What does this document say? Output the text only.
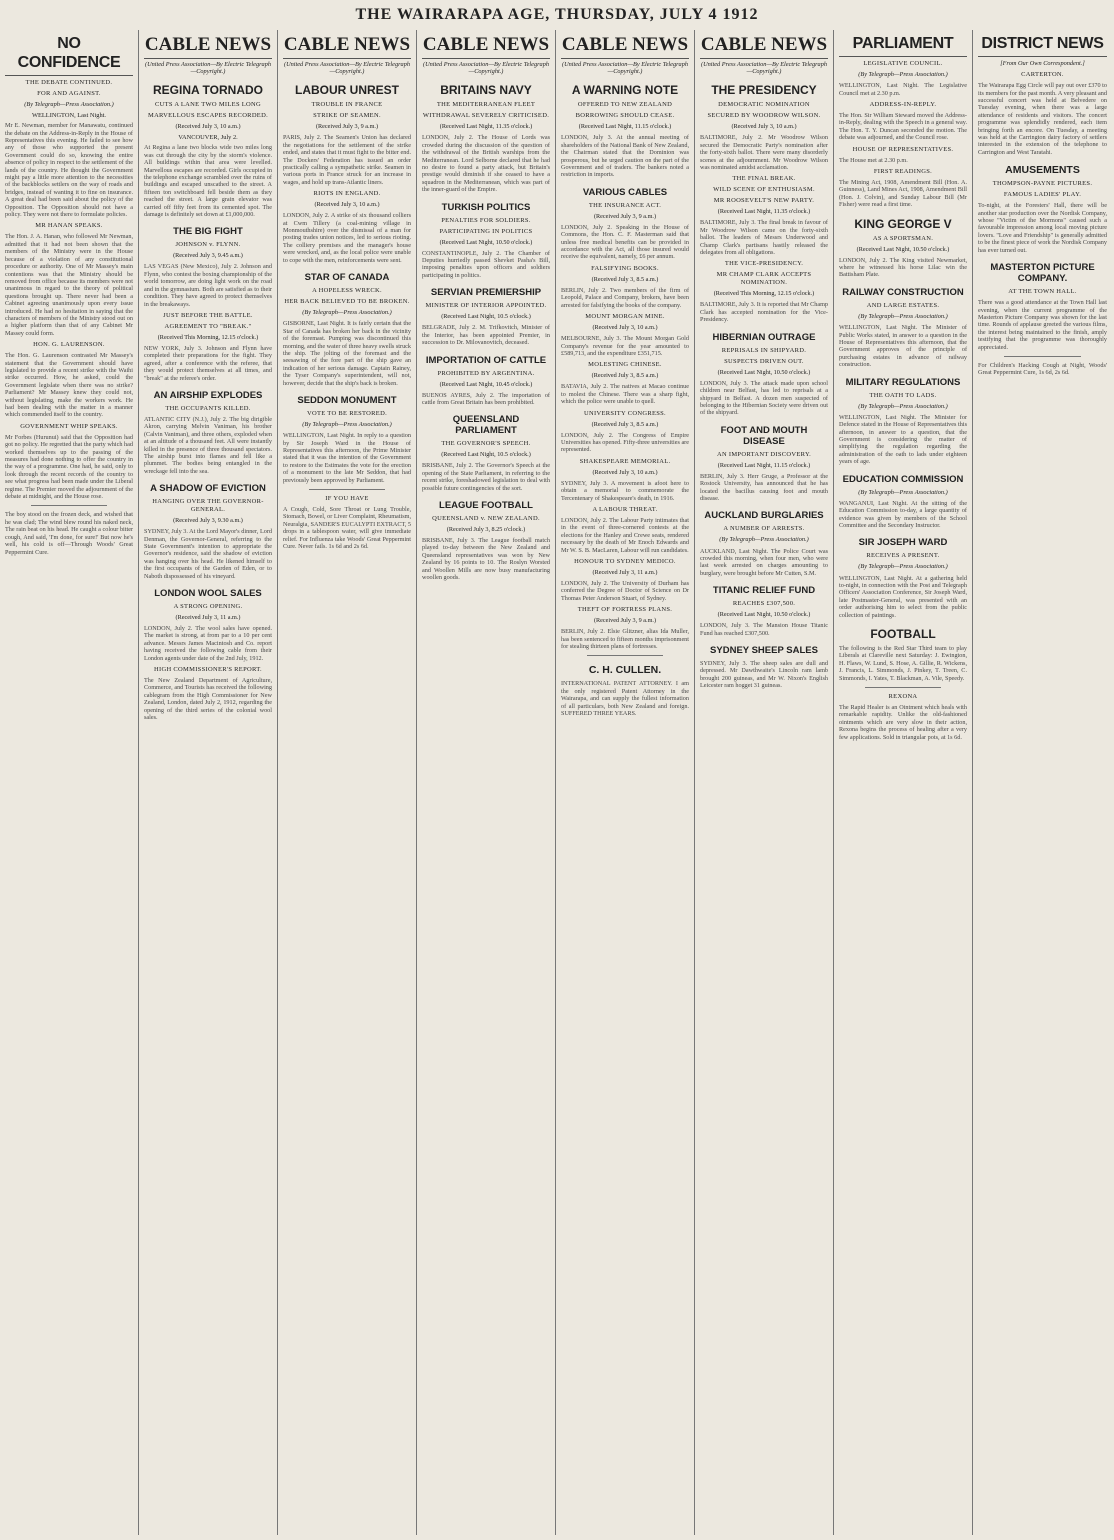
THE WAIRARAPA AGE, THURSDAY, JULY 4 1912
NO CONFIDENCE
THE DEBATE CONTINUED.
FOR AND AGAINST.
(By Telegraph—Press Association.)
WELLINGTON, Last Night.
Mr E. Newman, member for Manawatu, continued the debate on the Address-in-Reply in the House of Representatives this evening. He failed to see how any of those who supported the present Government could do so, knowing the entire absence of policy in respect to the settlement of the lands of the country. He thought the Government might pay a little more attention to the necessities of the backblocks settlers on the way of roads and bridges, instead of wanting it to fine on insurance. A great deal had been said about the policy of the Opposition. The Opposition should not have a policy. They were not there to formulate policies.
MR HANAN SPEAKS.
The Hon. J. A. Hanan, who followed Mr Newman, admitted that it had not been shown that the members of the Ministry were in the House because of a violation of any constitutional procedure or authority. One of Mr Massey's main contentions was that the Ministry should be removed from office because its members were not unanimous in regard to the theory of political questions brought up. There never had been a Cabinet agreeing unanimously upon every issue introduced. He had no hesitation in saying that the characters of members of the Ministry stood out on a higher platform than that of any Cabinet Mr Massey could form.
HON. G. LAURENSON.
The Hon. G. Laurenson contrasted Mr Massey's statement that the Government should have legislated to provide a recent strike with the Waihi strike occurred. How, he asked, could the Government legislate when there was no strike? Parliament? Mr Massey knew they could not, without legislating, make the workers work. He had been dealing with the matter in a manner which commended itself to the country.
GOVERNMENT WHIP SPEAKS.
Mr Forbes (Hurunui) said that the Opposition had got no policy. He regretted that the party which had worked themselves up to the passing of the measures had done nothing to offer the country in the way of a programme. One had, he said, only to look through the recent records of the country to see what progress had been made under the Liberal regime. The Premier moved the adjournment of the debate at midnight, and the House rose.
The boy stood on the frozen deck, and wished that he was clad; The wind blew round his naked neck, The rain beat on his head. He caught a colour bitter cough, And said, 'I'm done, for sure!' But now he's well, his cold is off—Through Woods' Great Peppermint Cure.
CABLE NEWS
(United Press Association—By Electric Telegraph—Copyright.)
REGINA TORNADO
CUTS A LANE TWO MILES LONG
MARVELLOUS ESCAPES RECORDED.
(Received July 3, 10 a.m.)
VANCOUVER, July 2.
At Regina a lane two blocks wide two miles long was cut through the city by the storm's violence. All buildings within that area were levelled. Marvellous escapes are recorded. Girls occupied in the telephone exchange scrambled over the ruins of buildings and escaped unscathed to the street. A fifteen ton switchboard fell beside them as they reached the street. A large grain elevator was carried off fifty feet from its cemented spot. The damage is definitely set down at £1,000,000.
THE BIG FIGHT
JOHNSON v. FLYNN.
(Received July 3, 9.45 a.m.)
LAS VEGAS (New Mexico), July 2. Johnson and Flynn, who contest the boxing championship of the world tomorrow, are doing light work on the road and in the gymnasium. Both are satisfied as to their condition. They have agreed to protect themselves in the breakaways.
JUST BEFORE THE BATTLE.
AGREEMENT TO "BREAK."
(Received This Morning, 12.15 o'clock.)
NEW YORK, July 3. Johnson and Flynn have completed their preparations for the fight. They agreed, after a conference with the referee, that they would protect themselves at all times, and "break" at the referee's order.
AN AIRSHIP EXPLODES
THE OCCUPANTS KILLED.
ATLANTIC CITY (N.J.), July 2. The big dirigible Akron, carrying Melvin Vaniman, his brother (Calvin Vaniman), and three others, exploded when at an altitude of a thousand feet. All were instantly killed in the presence of three thousand spectators. The airship burst into flames and fell like a plummet. The bodies being entangled in the wreckage fell into the sea.
A SHADOW OF EVICTION
HANGING OVER THE GOVERNOR-GENERAL.
(Received July 3, 9.30 a.m.)
SYDNEY, July 3. At the Lord Mayor's dinner, Lord Denman, the Governor-General, referring to the State Government's intention to appropriate the Governor's residence, said the shadow of eviction was hanging over his head. He likened himself to the first occupants of the Garden of Eden, or to Naboth dispossessed of his vineyard.
LONDON WOOL SALES
A STRONG OPENING.
(Received July 3, 11 a.m.)
LONDON, July 2. The wool sales have opened. The market is strong, at from par to a 10 per cent advance. Messrs James Macintosh and Co. report having received the following cable from their London agents under date of the 2nd July, 1912.
HIGH COMMISSIONER'S REPORT.
The New Zealand Department of Agriculture, Commerce, and Tourists has received the following cablegram from the High Commissioner for New Zealand, London, dated July 2, 1912, regarding the opening of the third series of the colonial wool sales.
CABLE NEWS
(United Press Association—By Electric Telegraph—Copyright.)
LABOUR UNREST
TROUBLE IN FRANCE
STRIKE OF SEAMEN.
(Received July 3, 9 a.m.)
PARIS, July 2. The Seamen's Union has declared the negotiations for the settlement of the strike ended, and states that it must fight to the bitter end. The Dockers' Federation has issued an order practically calling a sympathetic strike. Seamen in various ports in France struck for an increase in wages, and hold up trans-Atlantic liners.
RIOTS IN ENGLAND.
(Received July 3, 10 a.m.)
LONDON, July 2. A strike of six thousand colliers at Cwm Tillery (a coal-mining village in Monmouthshire) over the dismissal of a man for posting trades union notices, led to serious rioting. The colliery premises and the manager's house were wrecked, and, as the local police were unable to cope with the men, reinforcements were sent.
STAR OF CANADA
A HOPELESS WRECK.
HER BACK BELIEVED TO BE BROKEN.
(By Telegraph—Press Association.)
GISBORNE, Last Night. It is fairly certain that the Star of Canada has broken her back in the vicinity of the foremast. Pumping was discontinued this morning, and the water of three heavy swells struck the ship. The jolting of the foremast and the seesawing of the fore part of the ship gave an indication of her serious damage. Captain Rainey, the Tyser Company's superintendent, will not, however, decide that the ship's back is broken.
SEDDON MONUMENT
VOTE TO BE RESTORED.
(By Telegraph—Press Association.)
WELLINGTON, Last Night. In reply to a question by Sir Joseph Ward in the House of Representatives this afternoon, the Prime Minister stated that it was the intention of the Government to restore to the Estimates the vote for the erection of a monument to the late Mr Seddon, that had previously been approved by Parliament.
IF YOU HAVE
A Cough, Cold, Sore Throat or Lung Trouble, Stomach, Bowel, or Liver Complaint, Rheumatism, Neuralgia, SANDER'S EUCALYPTI EXTRACT, 5 drops in a tablespoon water, will give immediate relief. For Influenza take Woods' Great Peppermint Cure. Never fails. 1s 6d and 2s 6d.
CABLE NEWS
(United Press Association—By Electric Telegraph—Copyright.)
BRITAINS NAVY
THE MEDITERRANEAN FLEET
WITHDRAWAL SEVERELY CRITICISED.
(Received Last Night, 11.35 o'clock.)
LONDON, July 2. The House of Lords was crowded during the discussion of the question of the withdrawal of the British warships from the Mediterranean. Lord Selborne declared that he had no desire to found a party attack, but Britain's prestige would diminish if she ceased to have a squadron in the Mediterranean, which was part of the inner-guard of the Empire.
TURKISH POLITICS
PENALTIES FOR SOLDIERS.
PARTICIPATING IN POLITICS
(Received Last Night, 10.50 o'clock.)
CONSTANTINOPLE, July 2. The Chamber of Deputies hurriedly passed Shevket Pasha's Bill, imposing penalties upon officers and soldiers participating in politics.
SERVIAN PREMIERSHIP
MINISTER OF INTERIOR APPOINTED.
(Received Last Night, 10.5 o'clock.)
BELGRADE, July 2. M. Trifkovitch, Minister of the Interior, has been appointed Premier, in succession to Dr. Milovanovitch, deceased.
IMPORTATION OF CATTLE
PROHIBITED BY ARGENTINA.
(Received Last Night, 10.45 o'clock.)
BUENOS AYRES, July 2. The importation of cattle from Great Britain has been prohibited.
QUEENSLAND PARLIAMENT
THE GOVERNOR'S SPEECH.
(Received Last Night, 10.5 o'clock.)
BRISBANE, July 2. The Governor's Speech at the opening of the State Parliament, in referring to the recent strike, foreshadowed legislation to deal with possible future contingencies of the sort.
LEAGUE FOOTBALL
QUEENSLAND v. NEW ZEALAND.
(Received July 3, 8.25 o'clock.)
BRISBANE, July 3. The League football match played to-day between the New Zealand and Queensland representatives was won by New Zealand by 16 points to 10. The Roslyn Worsted and Woollen Mills are now busy manufacturing woollen goods.
CABLE NEWS
(United Press Association—By Electric Telegraph—Copyright.)
A WARNING NOTE
OFFERED TO NEW ZEALAND
BORROWING SHOULD CEASE.
(Received Last Night, 11.15 o'clock.)
LONDON, July 3. At the annual meeting of shareholders of the National Bank of New Zealand, the Chairman stated that the Dominion was prosperous, but he urged caution on the part of the Government and of traders. The bankers noted a restriction in imports.
VARIOUS CABLES
THE INSURANCE ACT.
(Received July 3, 9 a.m.)
LONDON, July 2. Speaking in the House of Commons, the Hon. C. F. Masterman said that unless free medical benefits can be provided in accordance with the Act, all those insured would receive the equivalent, namely, £6 per annum.
FALSIFYING BOOKS.
(Received July 3, 8.5 a.m.)
BERLIN, July 2. Two members of the firm of Leopold, Palace and Company, brokers, have been arrested for falsifying the books of the company.
MOUNT MORGAN MINE.
(Received July 3, 10 a.m.)
MELBOURNE, July 3. The Mount Morgan Gold Company's revenue for the year amounted to £589,713, and the expenditure £351,715.
MOLESTING CHINESE.
(Received July 3, 8.5 a.m.)
BATAVIA, July 2. The natives at Macao continue to molest the Chinese. There was a sharp fight, which the police were unable to quell.
UNIVERSITY CONGRESS.
(Received July 3, 8.5 a.m.)
LONDON, July 2. The Congress of Empire Universities has opened. Fifty-three universities are represented.
SHAKESPEARE MEMORIAL.
(Received July 3, 10 a.m.)
SYDNEY, July 3. A movement is afoot here to obtain a memorial to commemorate the Tercentenary of Shakespeare's death, in 1916.
A LABOUR THREAT.
LONDON, July 2. The Labour Party intimates that in the event of three-cornered contests at the elections for the Hanley and Crewe seats, rendered necessary by the death of Mr Enoch Edwards and Mr W. S. B. MacLaren, Labour will run candidates.
HONOUR TO SYDNEY MEDICO.
(Received July 3, 11 a.m.)
LONDON, July 2. The University of Durham has conferred the Degree of Doctor of Science on Dr Thomas Peter Anderson Stuart, of Sydney.
THEFT OF FORTRESS PLANS.
(Received July 3, 9 a.m.)
BERLIN, July 2. Elsie Glitzner, alias Ida Muller, has been sentenced to fifteen months imprisonment for stealing thirteen plans of fortresses.
C. H. CULLEN.
INTERNATIONAL PATENT ATTORNEY. I am the only registered Patent Attorney in the Wairarapa, and can supply the fullest information of all particulars, both New Zealand and foreign. SUFFERED THREE YEARS.
CABLE NEWS
(United Press Association—By Electric Telegraph—Copyright.)
THE PRESIDENCY
DEMOCRATIC NOMINATION
SECURED BY WOODROW WILSON.
(Received July 3, 10 a.m.)
BALTIMORE, July 2. Mr Woodrow Wilson secured the Democratic Party's nomination after the forty-sixth ballot. There were many disorderly scenes at the adjournment. Mr Woodrow Wilson was nominated amidst acclamation.
THE FINAL BREAK.
WILD SCENE OF ENTHUSIASM.
MR ROOSEVELT'S NEW PARTY.
(Received Last Night, 11.35 o'clock.)
BALTIMORE, July 3. The final break in favour of Mr Woodrow Wilson came on the forty-sixth ballot. The leaders of Messrs Underwood and Champ Clark's partisans hastily released the delegates from all obligations.
THE VICE-PRESIDENCY.
MR CHAMP CLARK ACCEPTS NOMINATION.
(Received This Morning, 12.15 o'clock.)
BALTIMORE, July 3. It is reported that Mr Champ Clark has accepted nomination for the Vice-Presidency.
HIBERNIAN OUTRAGE
REPRISALS IN SHIPYARD.
SUSPECTS DRIVEN OUT.
(Received Last Night, 10.50 o'clock.)
LONDON, July 3. The attack made upon school children near Belfast, has led to reprisals at a shipyard in Belfast. A dozen men suspected of belonging to the Hibernian Society were driven out of the shipyard.
FOOT AND MOUTH DISEASE
AN IMPORTANT DISCOVERY.
(Received Last Night, 11.15 o'clock.)
BERLIN, July 3. Herr Gruge, a Professor at the Rostock University, has announced that he has located the bacillus causing foot and mouth disease.
AUCKLAND BURGLARIES
A NUMBER OF ARRESTS.
(By Telegraph—Press Association.)
AUCKLAND, Last Night. The Police Court was crowded this morning, when four men, who were last week arrested on charges amounting to burglary, were brought before Mr Cutten, S.M.
TITANIC RELIEF FUND
REACHES £307,500.
(Received Last Night, 10.50 o'clock.)
LONDON, July 3. The Mansion House Titanic Fund has reached £307,500.
SYDNEY SHEEP SALES
SYDNEY, July 3. The sheep sales are dull and depressed. Mr Dawthwaite's Lincoln ram lamb brought 200 guineas, and Mr W. Nixon's English Leicester ram hogget 31 guineas.
PARLIAMENT
LEGISLATIVE COUNCIL.
(By Telegraph—Press Association.)
WELLINGTON, Last Night. The Legislative Council met at 2.30 p.m.
ADDRESS-IN-REPLY.
The Hon. Sir William Steward moved the Address-in-Reply, dealing with the Speech in a general way. The Hon. T. Y. Duncan seconded the motion. The debate was adjourned, and the Council rose.
HOUSE OF REPRESENTATIVES.
The House met at 2.30 p.m.
FIRST READINGS.
The Mining Act, 1908, Amendment Bill (Hon. A. Guinness), Land Mines Act, 1908, Amendment Bill (Hon. J. Colvin), and Sunday Labour Bill (Mr Fisher) were read a first time.
KING GEORGE V
AS A SPORTSMAN.
(Received Last Night, 10.50 o'clock.)
LONDON, July 2. The King visited Newmarket, where he witnessed his horse Lilac win the Battisham Plate.
RAILWAY CONSTRUCTION
AND LARGE ESTATES.
(By Telegraph—Press Association.)
WELLINGTON, Last Night. The Minister of Public Works stated, in answer to a question in the House of Representatives this afternoon, that the Government approves of the principle of purchasing estates in advance of railway construction.
MILITARY REGULATIONS
THE OATH TO LADS.
(By Telegraph—Press Association.)
WELLINGTON, Last Night. The Minister for Defence stated in the House of Representatives this afternoon, in answer to a question, that the Government is considering the matter of simplifying the regulation regarding the administration of the oath to lads under eighteen years of age.
EDUCATION COMMISSION
(By Telegraph—Press Association.)
WANGANUI, Last Night. At the sitting of the Education Commission to-day, a large quantity of evidence was given by members of the School Committee and the Secondary Instructor.
SIR JOSEPH WARD
RECEIVES A PRESENT.
(By Telegraph—Press Association.)
WELLINGTON, Last Night. At a gathering held to-night, in connection with the Post and Telegraph Officers' Association Conference, Sir Joseph Ward, late Postmaster-General, was presented with an order authorising him to select from the public collection of paintings.
FOOTBALL
The following is the Red Star Third team to play Liberals at Clareville next Saturday: J. Ewington, H. Flaws, W. Lund, S. Hose, A. Gillie, R. Wickens, J. Francis, L. Simmonds, J. Pinkey, T. Treen, C. Simmonds, I. Yates, T. Blackman, A. Vile, Speedy.
REXONA
The Rapid Healer is an Ointment which heals with remarkable rapidity. Unlike the old-fashioned ointments which are very slow in their action, Rexona begins the process of healing after a very few applications. Sold in triangular pots, at 1s 6d.
DISTRICT NEWS
[From Our Own Correspondent.]
CARTERTON.
The Wairarapa Egg Circle will pay out over £370 to its members for the past month. A very pleasant and successful concert was held at Belvedere on Tuesday evening, when there was a large attendance of residents and visitors. The concert programme was splendidly rendered, each item bringing forth an encore. On Tuesday, a meeting was held at the Carrington dairy factory of settlers interested in the extension of the telephone to Carrington and West Taratahi.
AMUSEMENTS
THOMPSON-PAYNE PICTURES.
FAMOUS LADIES' PLAY.
To-night, at the Foresters' Hall, there will be another star production over the Nordisk Company, whose "Victim of the Mormons" caused such a favourable impression among local moving picture lovers. "Love and Friendship" is generally admitted to be the finest piece of work the Nordisk Company has ever turned out.
MASTERTON PICTURE COMPANY.
AT THE TOWN HALL.
There was a good attendance at the Town Hall last evening, when the current programme of the Masterton Picture Company was shown for the last time. Rounds of applause greeted the various films, the interest being maintained to the finish, amply testifying that the programme was thoroughly appreciated.
For Children's Hacking Cough at Night, Woods' Great Peppermint Cure, 1s 6d, 2s 6d.
